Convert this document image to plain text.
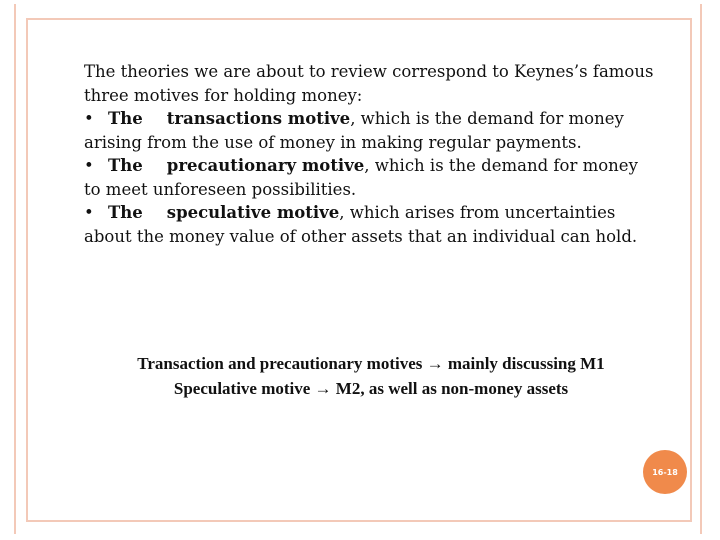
The theories we are about to review correspond to Keynes’s famous three motives for holding money:

• The transactions motive, which is the demand for money arising from the use of money in making regular payments.

• The precautionary motive, which is the demand for money to meet unforeseen possibilities.

• The speculative motive, which arises from uncertainties about the money value of other assets that an individual can hold.

Transaction and precautionary motives → mainly discussing M1
Speculative motive → M2, as well as non-money assets
16-18
